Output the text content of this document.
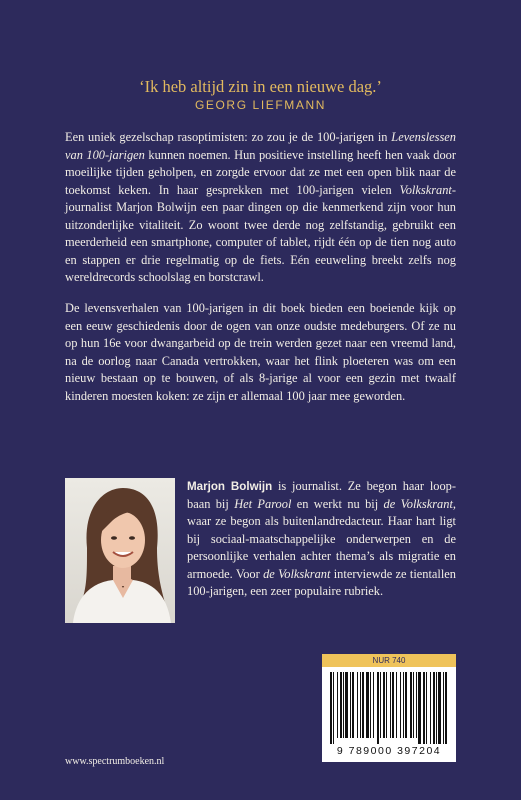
‘Ik heb altijd zin in een nieuwe dag.’
GEORG LIEFMANN

Een uniek gezelschap rasoptimisten: zo zou je de 100-jarigen in Levenslessen van 100-jarigen kunnen noemen. Hun positieve instelling heeft hen vaak door moeilijke tijden geholpen, en zorgde ervoor dat ze met een open blik naar de toekomst keken. In haar gesprekken met 100-jarigen vielen Volkskrant-journalist Marjon Bolwijn een paar dingen op die kenmerkend zijn voor hun uitzonderlijke vitaliteit. Zo woont twee derde nog zelfstandig, gebruikt een meerderheid een smartphone, computer of tablet, rijdt één op de tien nog auto en stappen er drie regelmatig op de fiets. Eén eeuweling breekt zelfs nog wereldrecords schoolslag en borstcrawl.

De levensverhalen van 100-jarigen in dit boek bieden een boeiende kijk op een eeuw geschiedenis door de ogen van onze oudste medeburgers. Of ze nu op hun 16e voor dwangarbeid op de trein werden gezet naar een vreemd land, na de oorlog naar Canada vertrokken, waar het flink ploeteren was om een nieuw bestaan op te bouwen, of als 8-jarige al voor een gezin met twaalf kinderen moesten koken: ze zijn er allemaal 100 jaar mee geworden.

Marjon Bolwijn is journalist. Ze begon haar loopbaan bij Het Parool en werkt nu bij de Volkskrant, waar ze begon als buitenlandredacteur. Haar hart ligt bij sociaal-maatschappelijke onderwerpen en de persoonlijke verhalen achter thema’s als migratie en armoede. Voor de Volkskrant interviewde ze tientallen 100-jarigen, een zeer populaire rubriek.

NUR 740
9 789000 397204
www.spectrumboeken.nl
